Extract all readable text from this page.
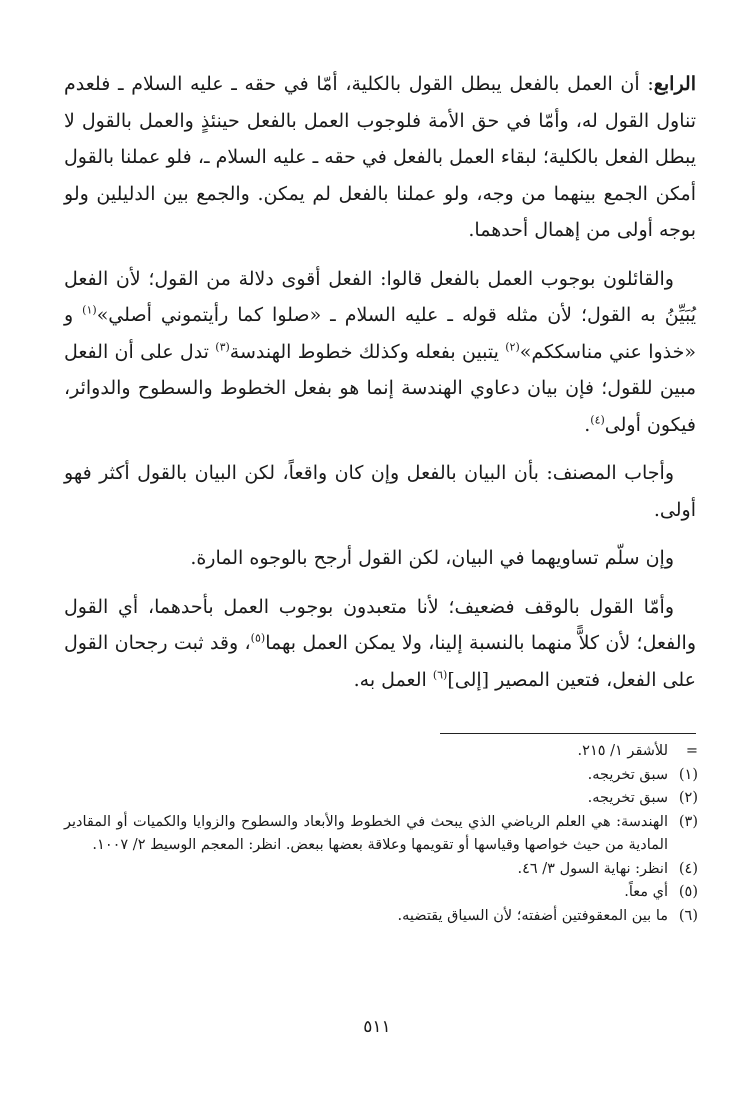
الرابع: أن العمل بالفعل يبطل القول بالكلية، أمّا في حقه ـ عليه السلام ـ فلعدم تناول القول له، وأمّا في حق الأمة فلوجوب العمل بالفعل حينئذٍ والعمل بالقول لا يبطل الفعل بالكلية؛ لبقاء العمل بالفعل في حقه ـ عليه السلام ـ، فلو عملنا بالقول أمكن الجمع بينهما من وجه، ولو عملنا بالفعل لم يمكن. والجمع بين الدليلين ولو بوجه أولى من إهمال أحدهما.

والقائلون بوجوب العمل بالفعل قالوا: الفعل أقوى دلالة من القول؛ لأن الفعل يُبَيِّنُ به القول؛ لأن مثله قوله ـ عليه السلام ـ «صلوا كما رأيتموني أصلي»$^{(١)}$ و «خذوا عني مناسككم»$^{(٢)}$ يتبين بفعله وكذلك خطوط الهندسة$^{(٣)}$ تدل على أن الفعل مبين للقول؛ فإن بيان دعاوي الهندسة إنما هو بفعل الخطوط والسطوح والدوائر، فيكون أولى$^{(٤)}$.

وأجاب المصنف: بأن البيان بالفعل وإن كان واقعاً، لكن البيان بالقول أكثر فهو أولى.

وإن سلّم تساويهما في البيان، لكن القول أرجح بالوجوه المارة.

وأمّا القول بالوقف فضعيف؛ لأنا متعبدون بوجوب العمل بأحدهما، أي القول والفعل؛ لأن كلاًّ منهما بالنسبة إلينا، ولا يمكن العمل بهما$^{(٥)}$، وقد ثبت رجحان القول على الفعل، فتعين المصير [إلى]$^{(٦)}$ العمل به.

=
للأشقر ١/ ٢١٥.
(١)
سبق تخريجه.
(٢)
سبق تخريجه.
(٣)
الهندسة: هي العلم الرياضي الذي يبحث في الخطوط والأبعاد والسطوح والزوايا والكميات أو المقادير المادية من حيث خواصها وقياسها أو تقويمها وعلاقة بعضها ببعض. انظر: المعجم الوسيط ٢/ ١٠٠٧.
(٤)
انظر: نهاية السول ٣/ ٤٦.
(٥)
أي معاً.
(٦)
ما بين المعقوفتين أضفته؛ لأن السياق يقتضيه.
٥١١
